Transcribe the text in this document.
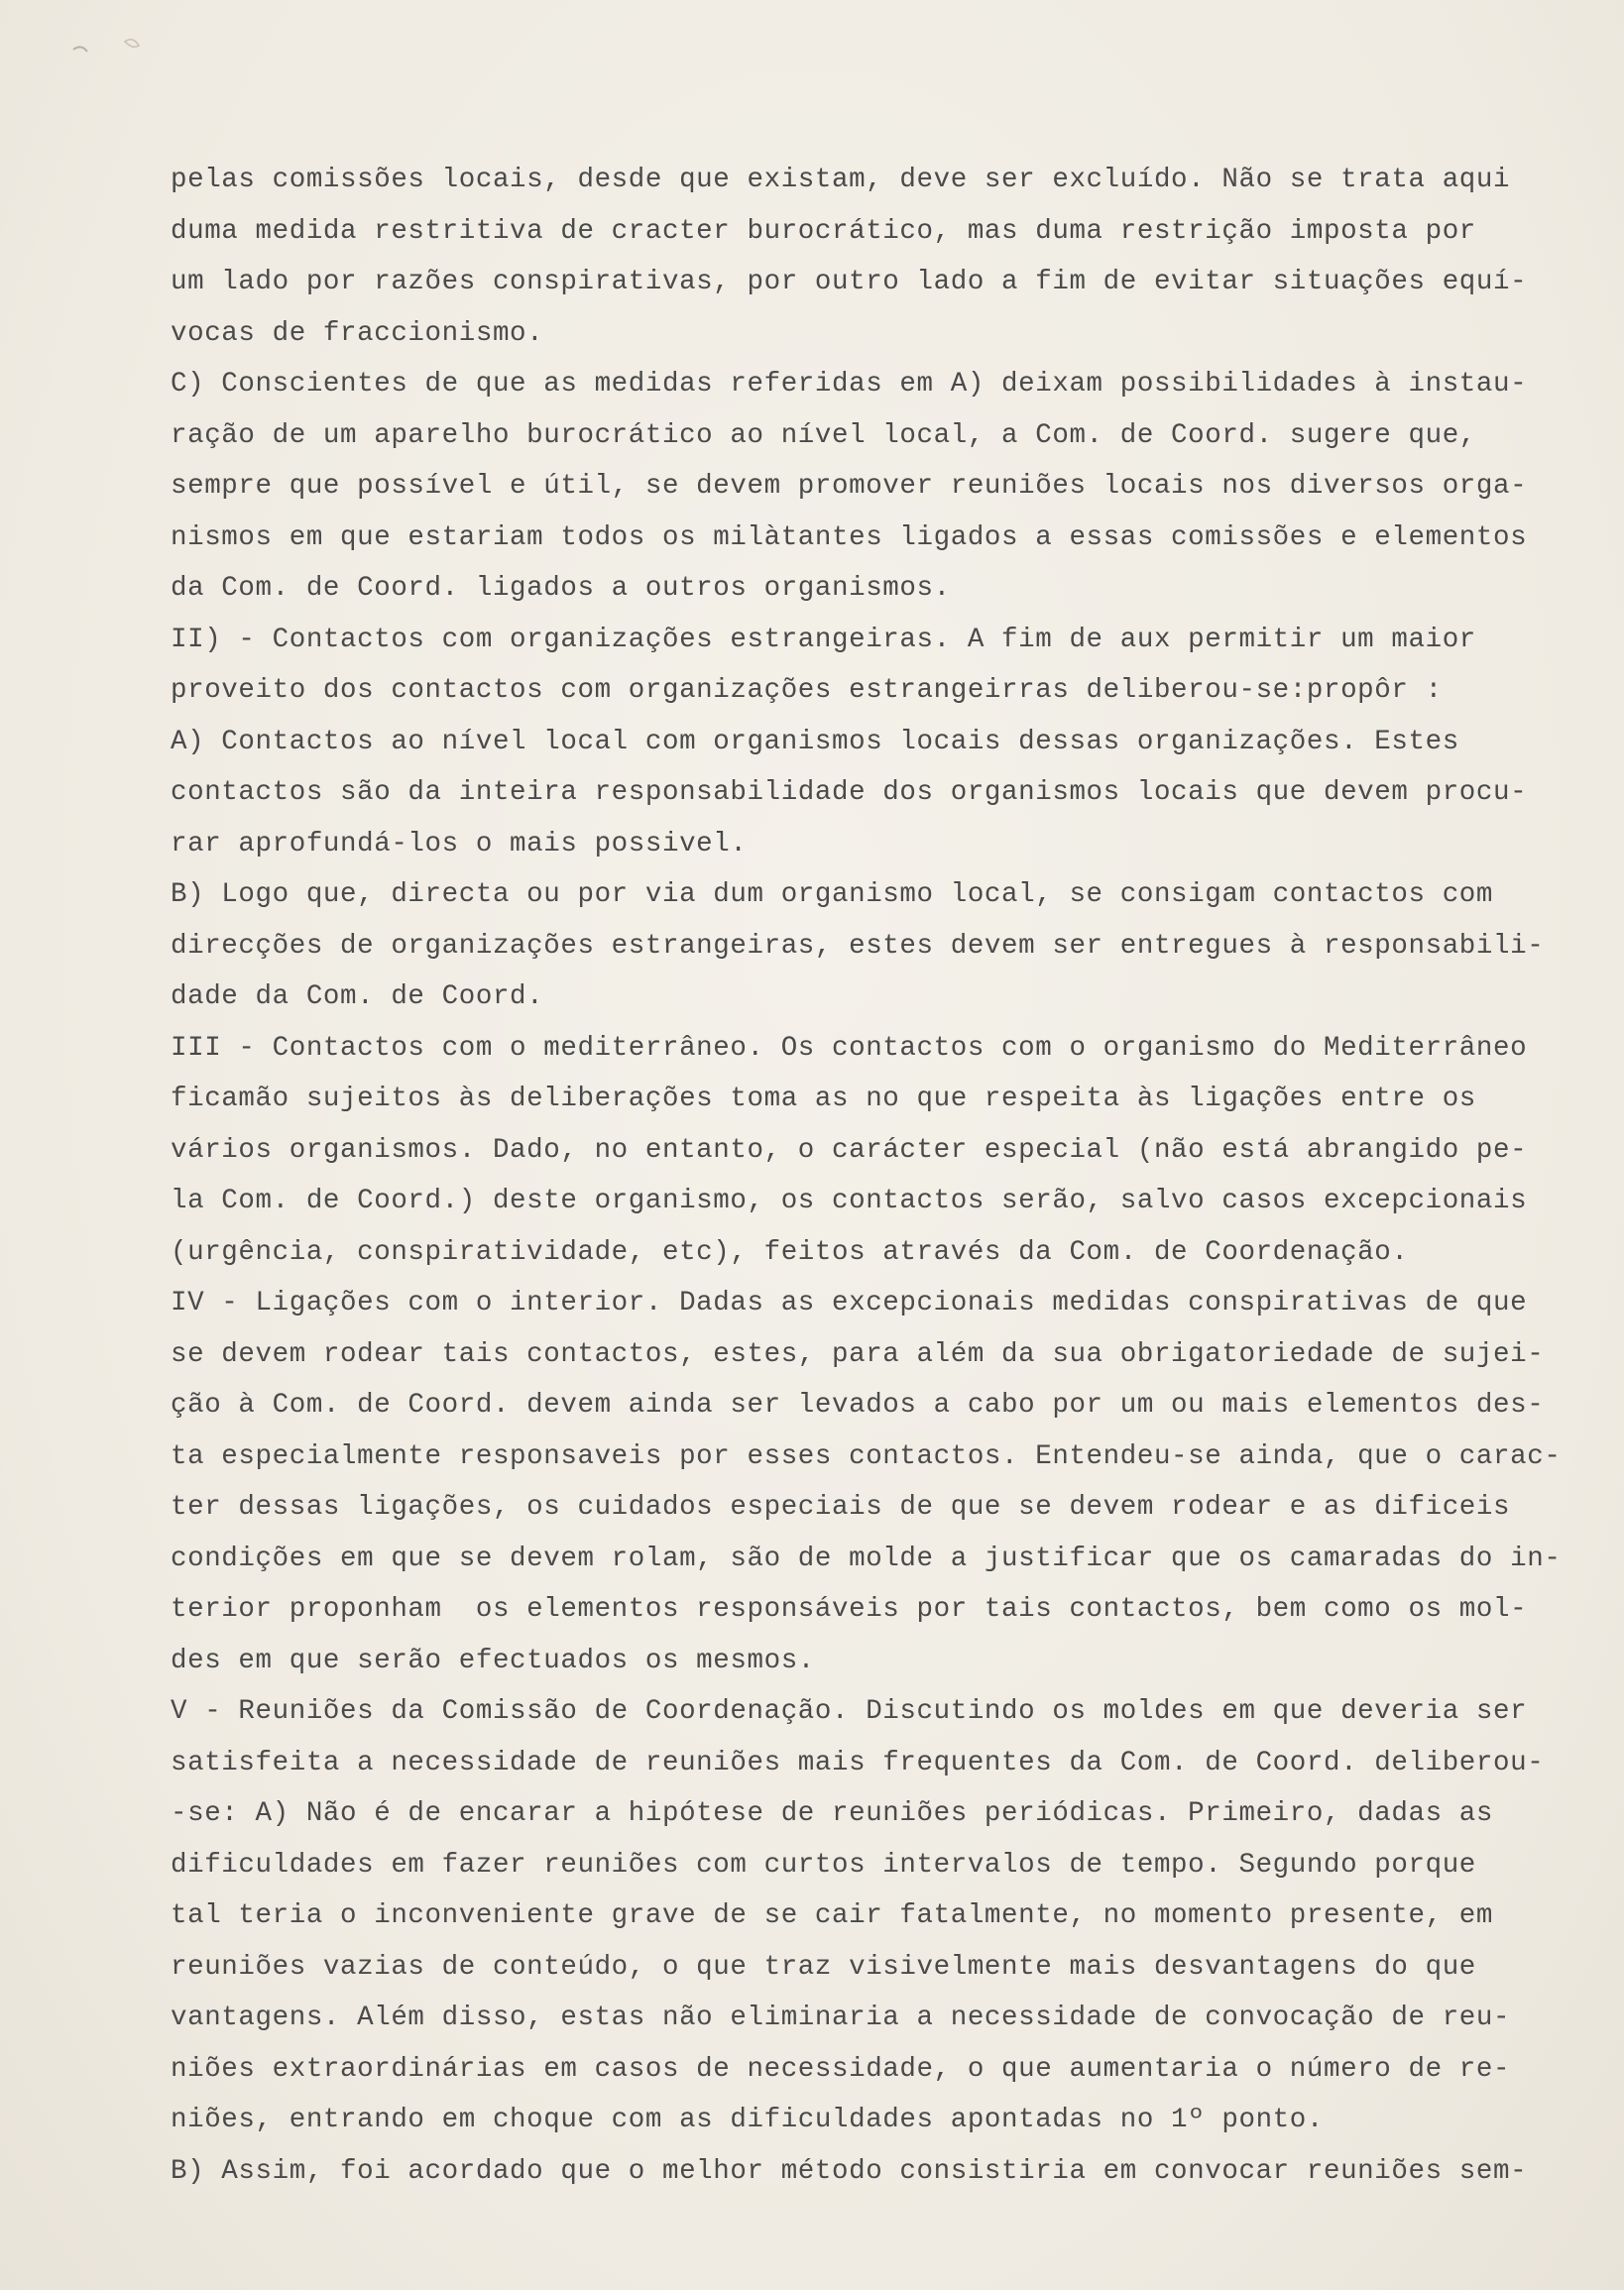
pelas comissões locais, desde que existam, deve ser excluído. Não se trata aqui
duma medida restritiva de cracter burocrático, mas duma restrição imposta por
um lado por razões conspirativas, por outro lado a fim de evitar situações equí-
vocas de fraccionismo.
C) Conscientes de que as medidas referidas em A) deixam possibilidades à instau-
ração de um aparelho burocrático ao nível local, a Com. de Coord. sugere que,
sempre que possível e útil, se devem promover reuniões locais nos diversos orga-
nismos em que estariam todos os milàtantes ligados a essas comissões e elementos
da Com. de Coord. ligados a outros organismos.
II) - Contactos com organizações estrangeiras. A fim de aux permitir um maior
proveito dos contactos com organizações estrangeirras deliberou-se:propôr :
A) Contactos ao nível local com organismos locais dessas organizações. Estes
contactos são da inteira responsabilidade dos organismos locais que devem procu-
rar aprofundá-los o mais possivel.
B) Logo que, directa ou por via dum organismo local, se consigam contactos com
direcções de organizações estrangeiras, estes devem ser entregues à responsabili-
dade da Com. de Coord.
III - Contactos com o mediterrâneo. Os contactos com o organismo do Mediterrâneo
ficamão sujeitos às deliberações toma as no que respeita às ligações entre os
vários organismos. Dado, no entanto, o carácter especial (não está abrangido pe-
la Com. de Coord.) deste organismo, os contactos serão, salvo casos excepcionais
(urgência, conspiratividade, etc), feitos através da Com. de Coordenação.
IV - Ligações com o interior. Dadas as excepcionais medidas conspirativas de que
se devem rodear tais contactos, estes, para além da sua obrigatoriedade de sujei-
ção à Com. de Coord. devem ainda ser levados a cabo por um ou mais elementos des-
ta especialmente responsaveis por esses contactos. Entendeu-se ainda, que o carac-
ter dessas ligações, os cuidados especiais de que se devem rodear e as dificeis
condições em que se devem rolam, são de molde a justificar que os camaradas do in-
terior proponham  os elementos responsáveis por tais contactos, bem como os mol-
des em que serão efectuados os mesmos.
V - Reuniões da Comissão de Coordenação. Discutindo os moldes em que deveria ser
satisfeita a necessidade de reuniões mais frequentes da Com. de Coord. deliberou-
-se: A) Não é de encarar a hipótese de reuniões periódicas. Primeiro, dadas as
dificuldades em fazer reuniões com curtos intervalos de tempo. Segundo porque
tal teria o inconveniente grave de se cair fatalmente, no momento presente, em
reuniões vazias de conteúdo, o que traz visivelmente mais desvantagens do que
vantagens. Além disso, estas não eliminaria a necessidade de convocação de reu-
niões extraordinárias em casos de necessidade, o que aumentaria o número de re-
niões, entrando em choque com as dificuldades apontadas no 1º ponto.
B) Assim, foi acordado que o melhor método consistiria em convocar reuniões sem-
